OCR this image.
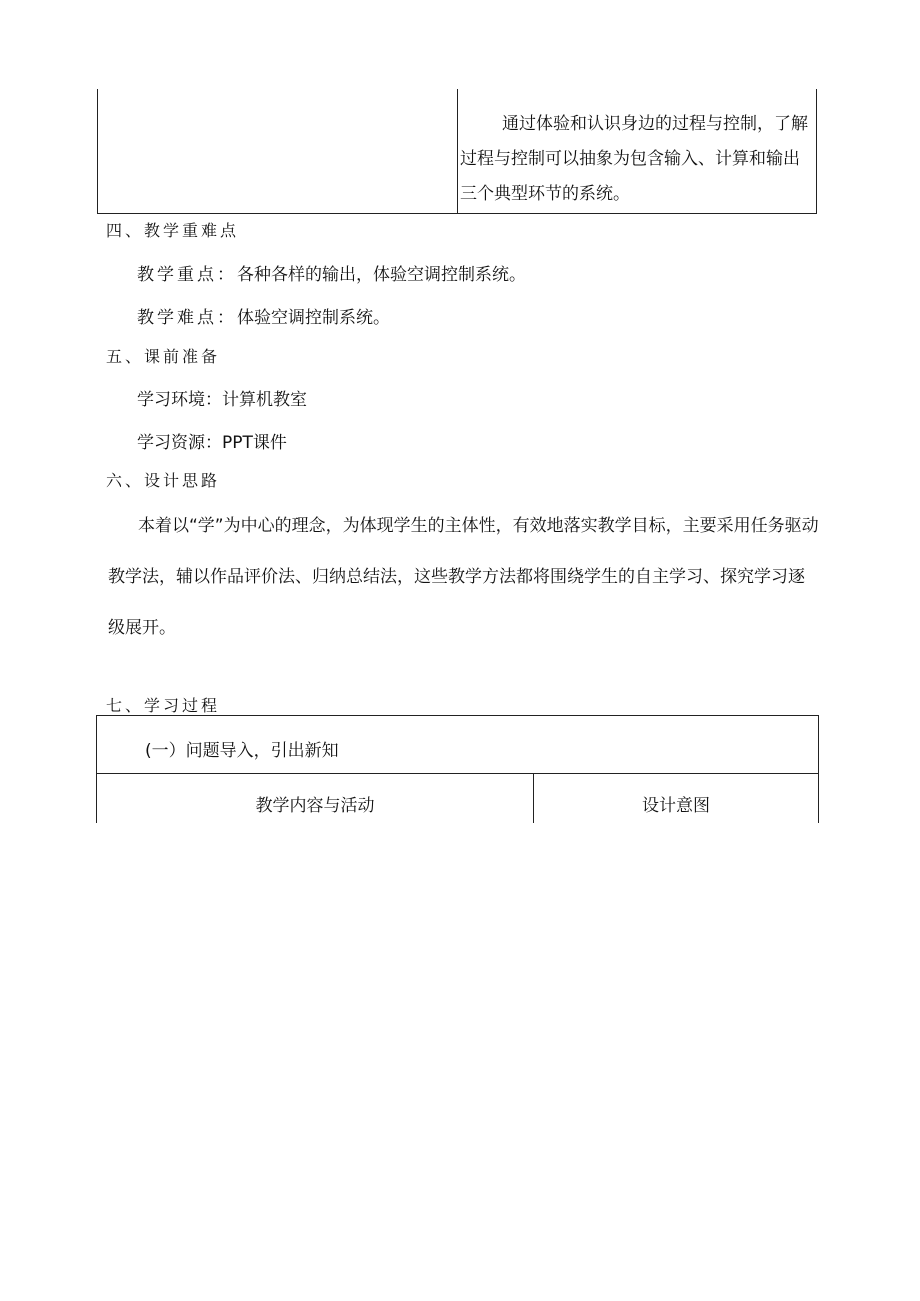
通过体验和认识身边的过程与控制，了解过程与控制可以抽象为包含输入、计算和输出三个典型环节的系统。
四、教学重难点
教学重点：各种各样的输出，体验空调控制系统。
教学难点：体验空调控制系统。
五、课前准备
学习环境：计算机教室
学习资源：PPT课件
六、设计思路
本着以“学”为中心的理念，为体现学生的主体性，有效地落实教学目标，主要采用任务驱动教学法，辅以作品评价法、归纳总结法，这些教学方法都将围绕学生的自主学习、探究学习逐级展开。
七、学习过程
(一）问题导入，引出新知
教学内容与活动	设计意图
